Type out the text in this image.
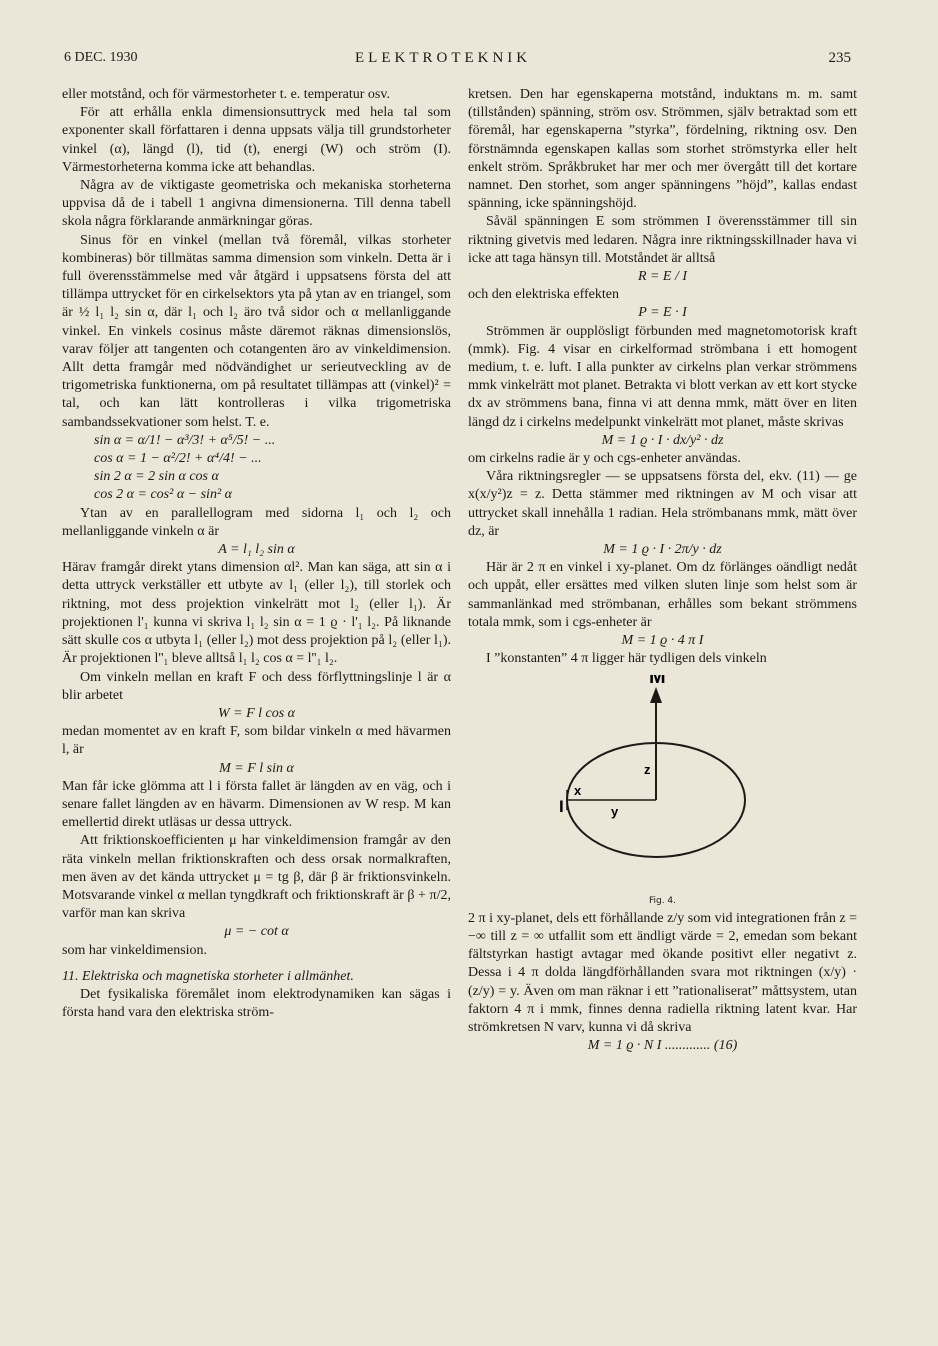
6 DEC. 1930	ELEKTROTEKNIK	235

eller motstånd, och för värmestorheter t. e. temperatur osv.

För att erhålla enkla dimensionsuttryck med hela tal som exponenter skall författaren i denna uppsats välja till grundstorheter vinkel (α), längd (l), tid (t), energi (W) och ström (I). Värmestorheterna komma icke att behandlas.

Några av de viktigaste geometriska och mekaniska storheterna uppvisa då de i tabell 1 angivna dimensionerna. Till denna tabell skola några förklarande anmärkningar göras.

Sinus för en vinkel (mellan två föremål, vilkas storheter kombineras) bör tillmätas samma dimension som vinkeln. Detta är i full överensstämmelse med vår åtgärd i uppsatsens första del att tillämpa uttrycket för en cirkelsektors yta på ytan av en triangel, som är ½ l₁ l₂ sin α, där l₁ och l₂ äro två sidor och α mellanliggande vinkel. En vinkels cosinus måste däremot räknas dimensionslös, varav följer att tangenten och cotangenten äro av vinkeldimension. Allt detta framgår med nödvändighet ur serieutveckling av de trigometriska funktionerna, om på resultatet tillämpas att (vinkel)² = tal, och kan lätt kontrolleras i vilka trigometriska sambandssekvationer som helst. T. e.

sin α = α/1! − α³/3! + α⁵/5! − ...

cos α = 1 − α²/2! + α⁴/4! − ...

sin 2 α = 2 sin α cos α

cos 2 α = cos² α − sin² α

Ytan av en parallellogram med sidorna l₁ och l₂ och mellanliggande vinkeln α är

A = l₁ l₂ sin α

Härav framgår direkt ytans dimension αl². Man kan säga, att sin α i detta uttryck verkställer ett utbyte av l₁ (eller l₂), till storlek och riktning, mot dess projektion vinkelrätt mot l₂ (eller l₁). Är projektionen l'₁ kunna vi skriva l₁ l₂ sin α = 1 ϱ · l'₁ l₂. På liknande sätt skulle cos α utbyta l₁ (eller l₂) mot dess projektion på l₂ (eller l₁). Är projektionen l''₁ bleve alltså l₁ l₂ cos α = l''₁ l₂.

Om vinkeln mellan en kraft F och dess förflyttningslinje l är α blir arbetet

W = F l cos α

medan momentet av en kraft F, som bildar vinkeln α med hävarmen l, är

M = F l sin α

Man får icke glömma att l i första fallet är längden av en väg, och i senare fallet längden av en hävarm. Dimensionen av W resp. M kan emellertid direkt utläsas ur dessa uttryck.

Att friktionskoefficienten μ har vinkeldimension framgår av den räta vinkeln mellan friktionskraften och dess orsak normalkraften, men även av det kända uttrycket μ = tg β, där β är friktionsvinkeln. Motsvarande vinkel α mellan tyngdkraft och friktionskraft är β + π/2, varför man kan skriva

μ = − cot α

som har vinkeldimension.

11. Elektriska och magnetiska storheter i allmänhet.

Det fysikaliska föremålet inom elektrodynamiken kan sägas i första hand vara den elektriska ström-

kretsen. Den har egenskaperna motstånd, induktans m. m. samt (tillstånden) spänning, ström osv. Strömmen, själv betraktad som ett föremål, har egenskaperna ”styrka”, fördelning, riktning osv. Den förstnämnda egenskapen kallas som storhet strömstyrka eller helt enkelt ström. Språkbruket har mer och mer övergått till det kortare namnet. Den storhet, som anger spänningens ”höjd”, kallas endast spänning, icke spänningshöjd.

Såväl spänningen E som strömmen I överensstämmer till sin riktning givetvis med ledaren. Några inre riktningsskillnader hava vi icke att taga hänsyn till. Motståndet är alltså

R = E / I

och den elektriska effekten

P = E · I

Strömmen är oupplösligt förbunden med magnetomotorisk kraft (mmk). Fig. 4 visar en cirkelformad strömbana i ett homogent medium, t. e. luft. I alla punkter av cirkelns plan verkar strömmens mmk vinkelrätt mot planet. Betrakta vi blott verkan av ett kort stycke dx av strömmens bana, finna vi att denna mmk, mätt över en liten längd dz i cirkelns medelpunkt vinkelrätt mot planet, måste skrivas

M = 1 ϱ · I · dx/y² · dz

om cirkelns radie är y och cgs-enheter användas.

Våra riktningsregler — se uppsatsens första del, ekv. (11) — ge x(x/y²)z = z. Detta stämmer med riktningen av M och visar att uttrycket skall innehålla 1 radian. Hela strömbanans mmk, mätt över dz, är

M = 1 ϱ · I · 2π/y · dz

Här är 2 π en vinkel i xy-planet. Om dz förlänges oändligt nedåt och uppåt, eller ersättes med vilken sluten linje som helst som är sammanlänkad med strömbanan, erhålles som bekant strömmens totala mmk, som i cgs-enheter är

M = 1 ϱ · 4 π I

I ”konstanten” 4 π ligger här tydligen dels vinkeln

M
I
x
y
z

Fig. 4.

2 π i xy-planet, dels ett förhållande z/y som vid integrationen från z = −∞ till z = ∞ utfallit som ett ändligt värde = 2, emedan som bekant fältstyrkan hastigt avtagar med ökande positivt eller negativt z. Dessa i 4 π dolda längdförhållanden svara mot riktningen (x/y) · (z/y) = y. Även om man räknar i ett ”rationaliserat” måttsystem, utan faktorn 4 π i mmk, finnes denna radiella riktning latent kvar. Har strömkretsen N varv, kunna vi då skriva

M = 1 ϱ · N I ............. (16)
